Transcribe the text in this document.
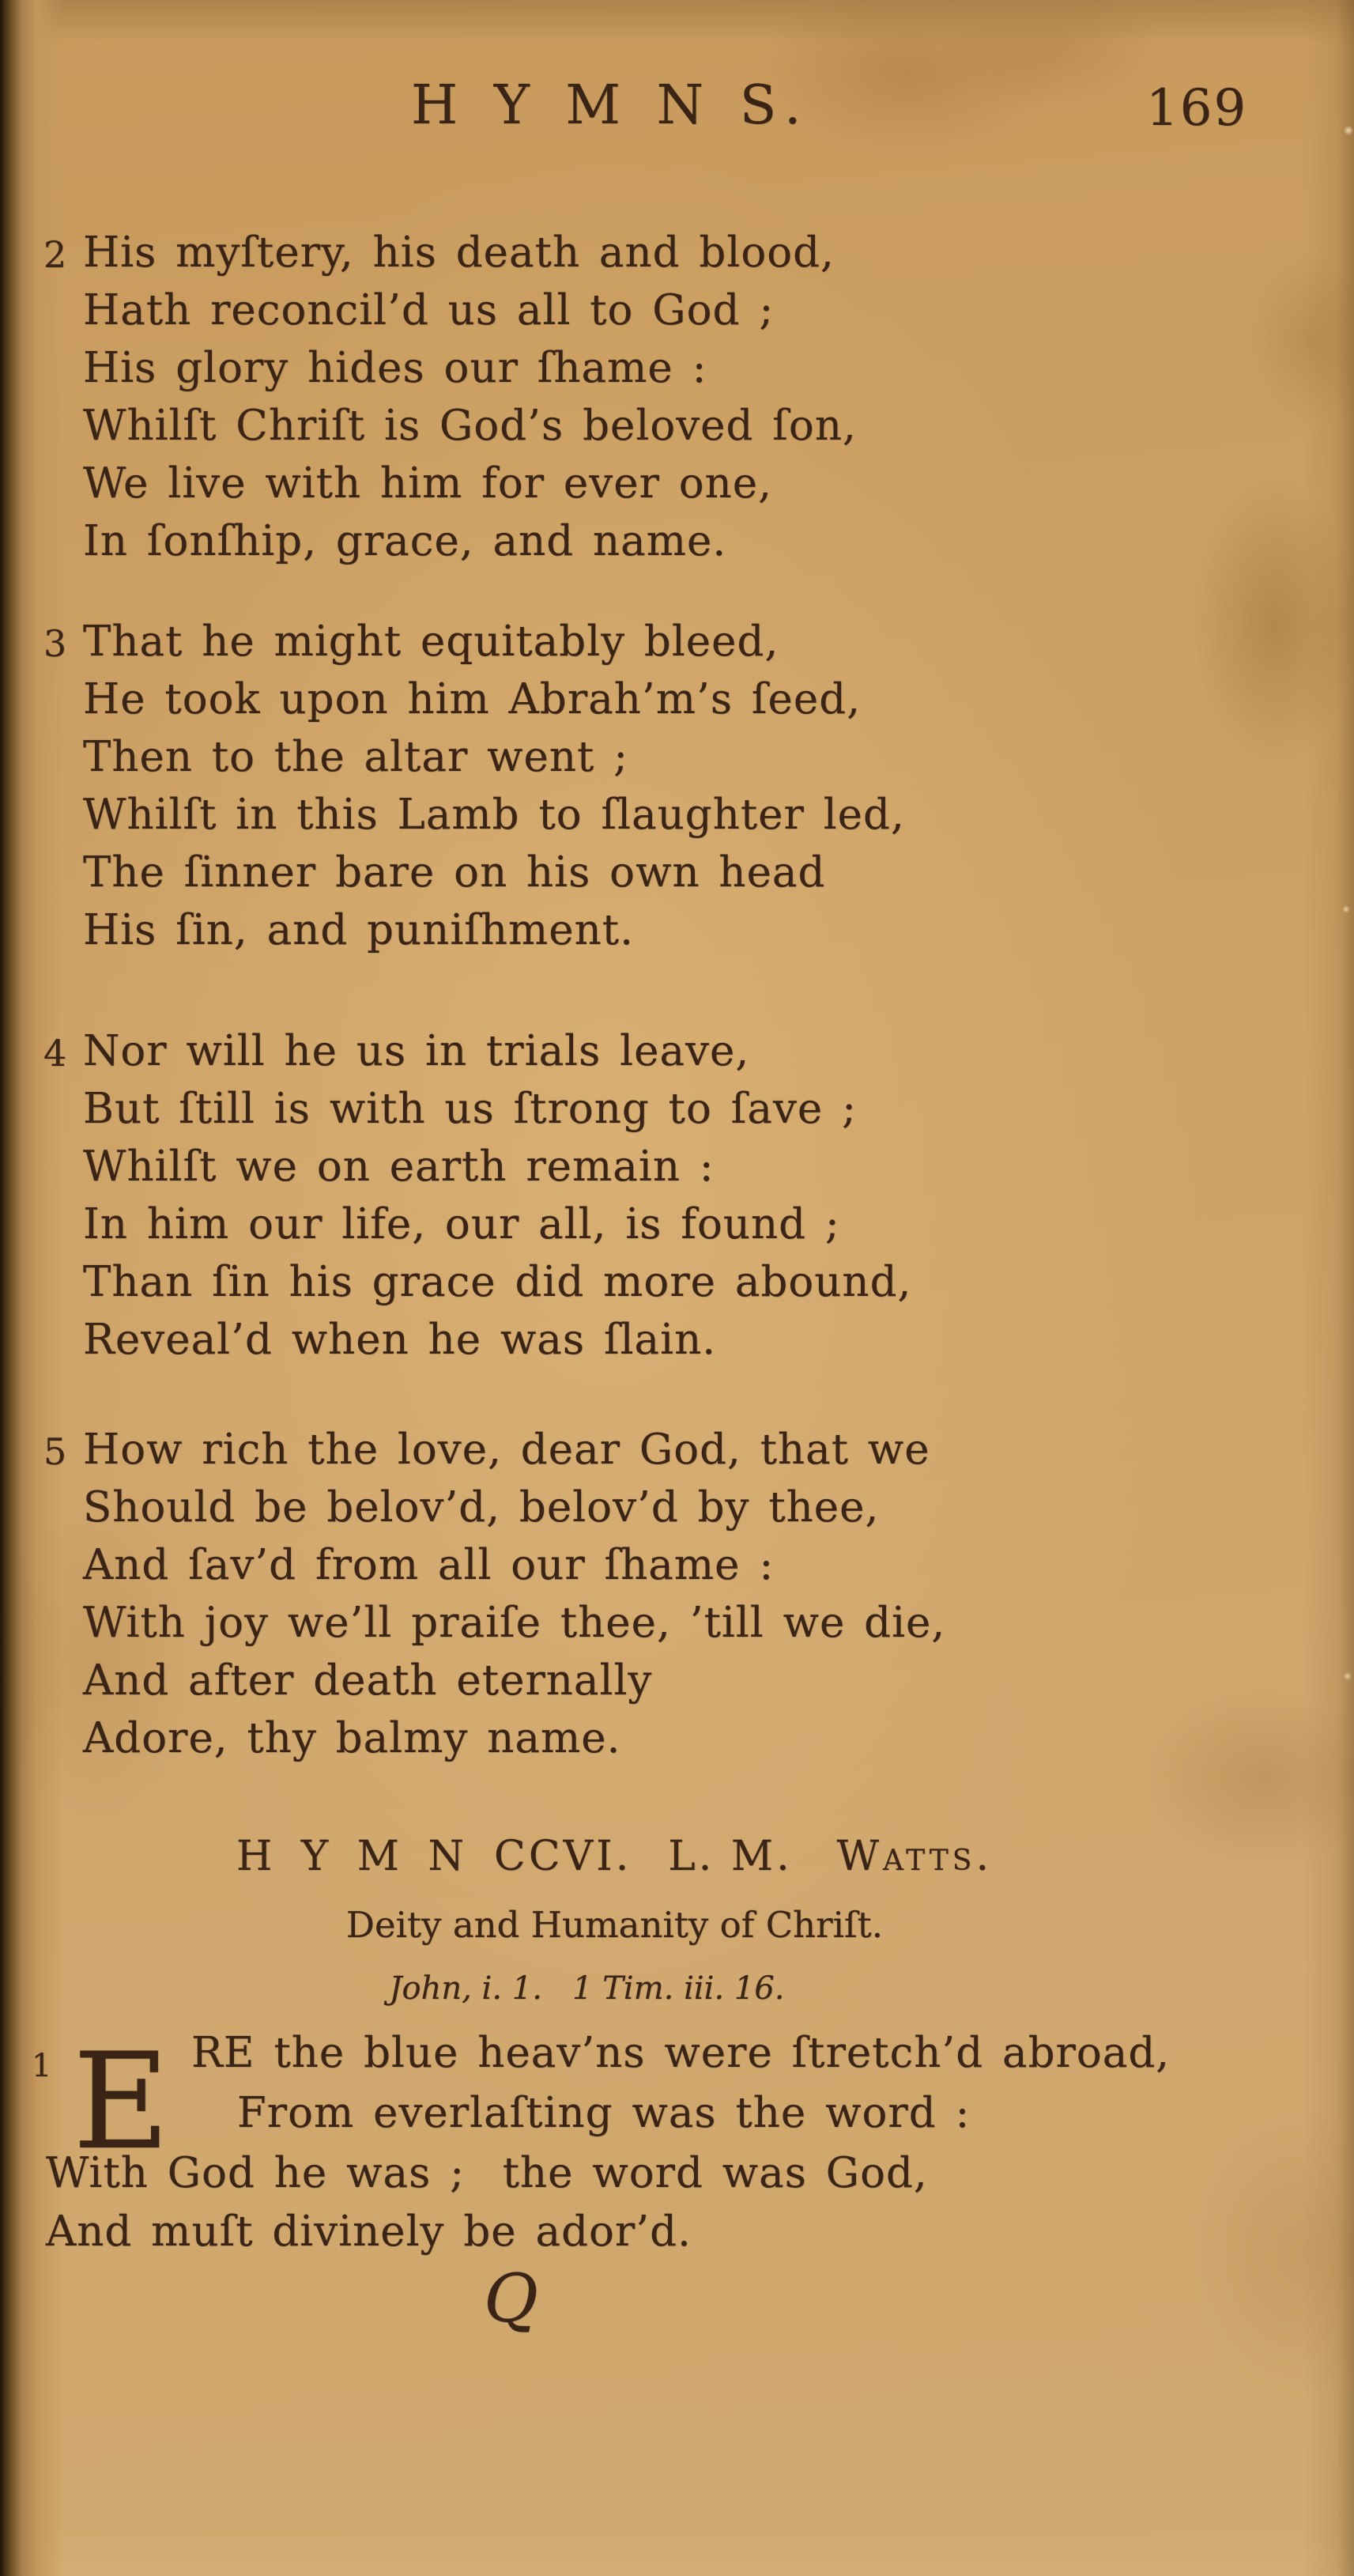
H Y M N S.	169
2 His myſtery, his death and blood,
Hath reconcil’d us all to God ;
His glory hides our ſhame :
Whilſt Chriſt is God’s beloved ſon,
We live with him for ever one,
In ſonſhip, grace, and name.
3 That he might equitably bleed,
He took upon him Abrah’m’s ſeed,
Then to the altar went ;
Whilſt in this Lamb to ſlaughter led,
The ſinner bare on his own head
His ſin, and puniſhment.
4 Nor will he us in trials leave,
But ſtill is with us ſtrong to ſave ;
Whilſt we on earth remain :
In him our life, our all, is found ;
Than ſin his grace did more abound,
Reveal’d when he was ſlain.
5 How rich the love, dear God, that we
Should be belov’d, belov’d by thee,
And ſav’d from all our ſhame :
With joy we’ll praiſe thee, ’till we die,
And after death eternally
Adore, thy balmy name.
H Y M N CCVI. L. M. Watts.
Deity and Humanity of Chriſt.
John, i. 1.   1 Tim. iii. 16.
1 E RE the blue heav’ns were ſtretch’d abroad,
From everlaſting was the word :
With God he was ;  the word was God,
And muſt divinely be ador’d.
Q
